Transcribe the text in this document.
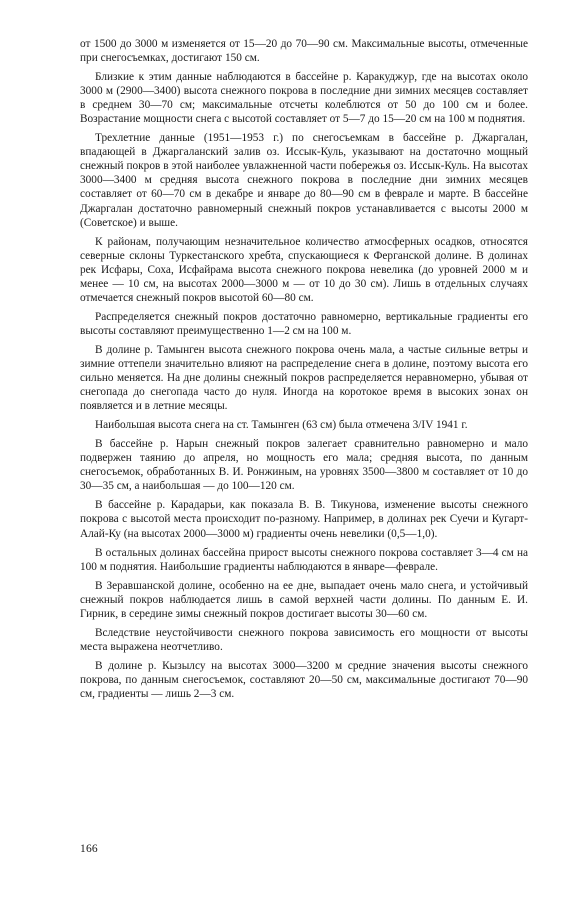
от 1500 до 3000 м изменяется от 15—20 до 70—90 см. Максимальные высоты, отмеченные при снегосъемках, достигают 150 см.

Близкие к этим данные наблюдаются в бассейне р. Каракуджур, где на высотах около 3000 м (2900—3400) высота снежного покрова в последние дни зимних месяцев составляет в среднем 30—70 см; максимальные отсчеты колеблются от 50 до 100 см и более. Возрастание мощности снега с высотой составляет от 5—7 до 15—20 см на 100 м поднятия.

Трехлетние данные (1951—1953 г.) по снегосъемкам в бассейне р. Джаргалан, впадающей в Джаргаланский залив оз. Иссык-Куль, указывают на достаточно мощный снежный покров в этой наиболее увлажненной части побережья оз. Иссык-Куль. На высотах 3000—3400 м средняя высота снежного покрова в последние дни зимних месяцев составляет от 60—70 см в декабре и январе до 80—90 см в феврале и марте. В бассейне Джаргалан достаточно равномерный снежный покров устанавливается с высоты 2000 м (Советское) и выше.

К районам, получающим незначительное количество атмосферных осадков, относятся северные склоны Туркестанского хребта, спускающиеся к Ферганской долине. В долинах рек Исфары, Соха, Исфайрама высота снежного покрова невелика (до уровней 2000 м и менее — 10 см, на высотах 2000—3000 м — от 10 до 30 см). Лишь в отдельных случаях отмечается снежный покров высотой 60—80 см.

Распределяется снежный покров достаточно равномерно, вертикальные градиенты его высоты составляют преимущественно 1—2 см на 100 м.

В долине р. Тамынген высота снежного покрова очень мала, а частые сильные ветры и зимние оттепели значительно влияют на распределение снега в долине, поэтому высота его сильно меняется. На дне долины снежный покров распределяется неравномерно, убывая от снегопада до снегопада часто до нуля. Иногда на коротокое время в высоких зонах он появляется и в летние месяцы.

Наибольшая высота снега на ст. Тамынген (63 см) была отмечена 3/IV 1941 г.

В бассейне р. Нарын снежный покров залегает сравнительно равномерно и мало подвержен таянию до апреля, но мощность его мала; средняя высота, по данным снегосъемок, обработанных В. И. Ронжиным, на уровнях 3500—3800 м составляет от 10 до 30—35 см, а наибольшая — до 100—120 см.

В бассейне р. Карадарьи, как показала В. В. Тикунова, изменение высоты снежного покрова с высотой места происходит по-разному. Например, в долинах рек Суечи и Кугарт-Алай-Ку (на высотах 2000—3000 м) градиенты очень невелики (0,5—1,0).

В остальных долинах бассейна прирост высоты снежного покрова составляет 3—4 см на 100 м поднятия. Наибольшие градиенты наблюдаются в январе—феврале.

В Зеравшанской долине, особенно на ее дне, выпадает очень мало снега, и устойчивый снежный покров наблюдается лишь в самой верхней части долины. По данным Е. И. Гирник, в середине зимы снежный покров достигает высоты 30—60 см.

Вследствие неустойчивости снежного покрова зависимость его мощности от высоты места выражена неотчетливо.

В долине р. Кызылсу на высотах 3000—3200 м средние значения высоты снежного покрова, по данным снегосъемок, составляют 20—50 см, максимальные достигают 70—90 см, градиенты — лишь 2—3 см.

166
